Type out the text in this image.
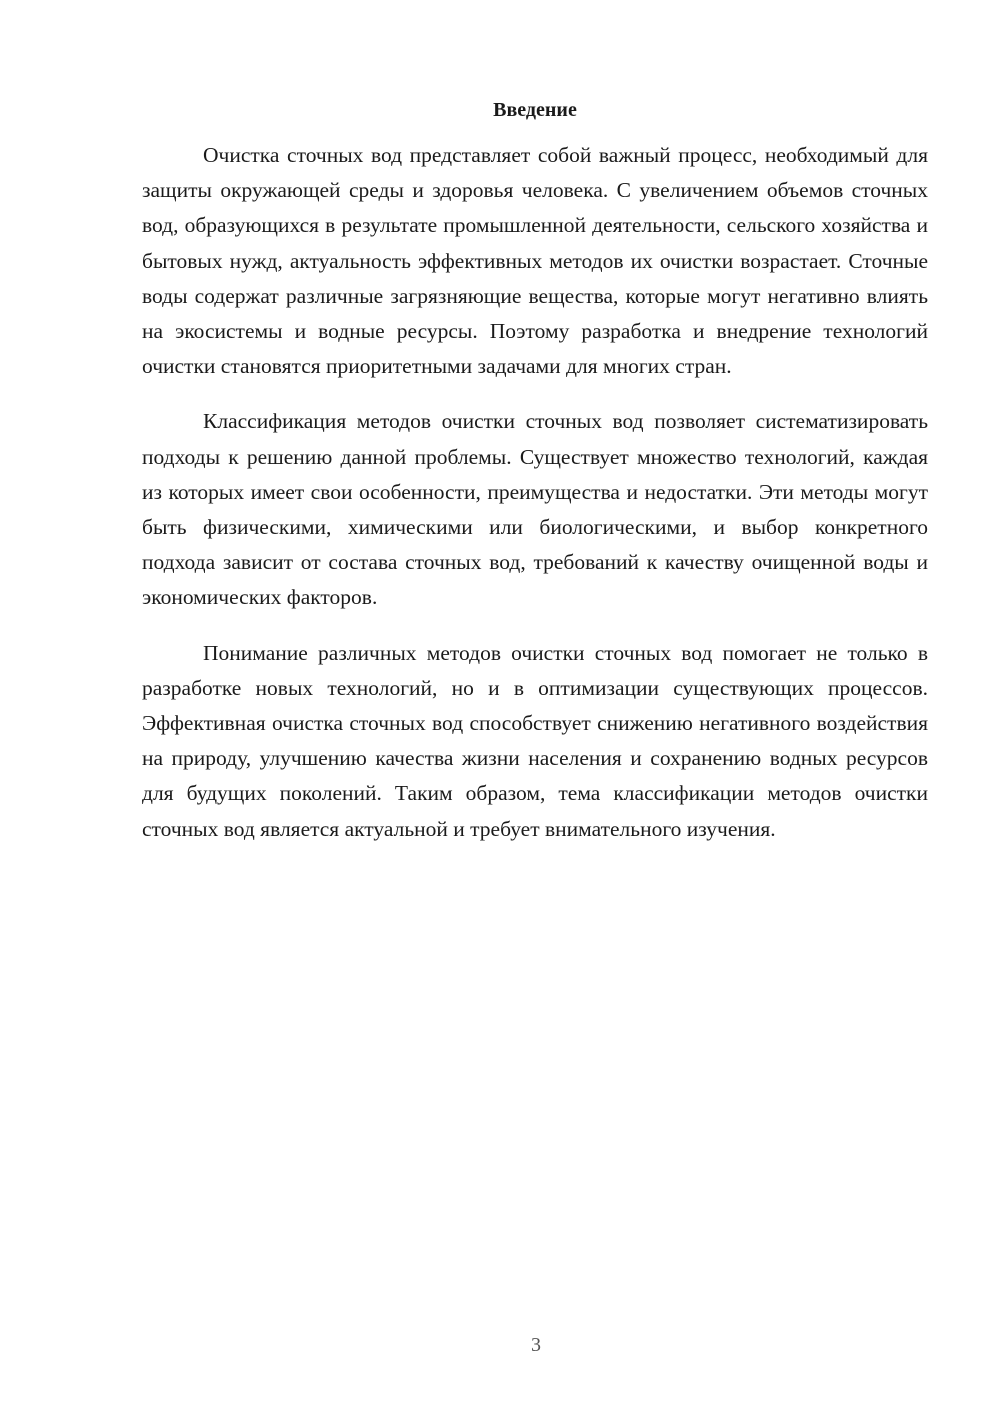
Введение

Очистка сточных вод представляет собой важный процесс, необходимый для защиты окружающей среды и здоровья человека. С увеличением объемов сточных вод, образующихся в результате промышленной деятельности, сельского хозяйства и бытовых нужд, актуальность эффективных методов их очистки возрастает. Сточные воды содержат различные загрязняющие вещества, которые могут негативно влиять на экосистемы и водные ресурсы. Поэтому разработка и внедрение технологий очистки становятся приоритетными задачами для многих стран.

Классификация методов очистки сточных вод позволяет систематизировать подходы к решению данной проблемы. Существует множество технологий, каждая из которых имеет свои особенности, преимущества и недостатки. Эти методы могут быть физическими, химическими или биологическими, и выбор конкретного подхода зависит от состава сточных вод, требований к качеству очищенной воды и экономических факторов.

Понимание различных методов очистки сточных вод помогает не только в разработке новых технологий, но и в оптимизации существующих процессов. Эффективная очистка сточных вод способствует снижению негативного воздействия на природу, улучшению качества жизни населения и сохранению водных ресурсов для будущих поколений. Таким образом, тема классификации методов очистки сточных вод является актуальной и требует внимательного изучения.

3
